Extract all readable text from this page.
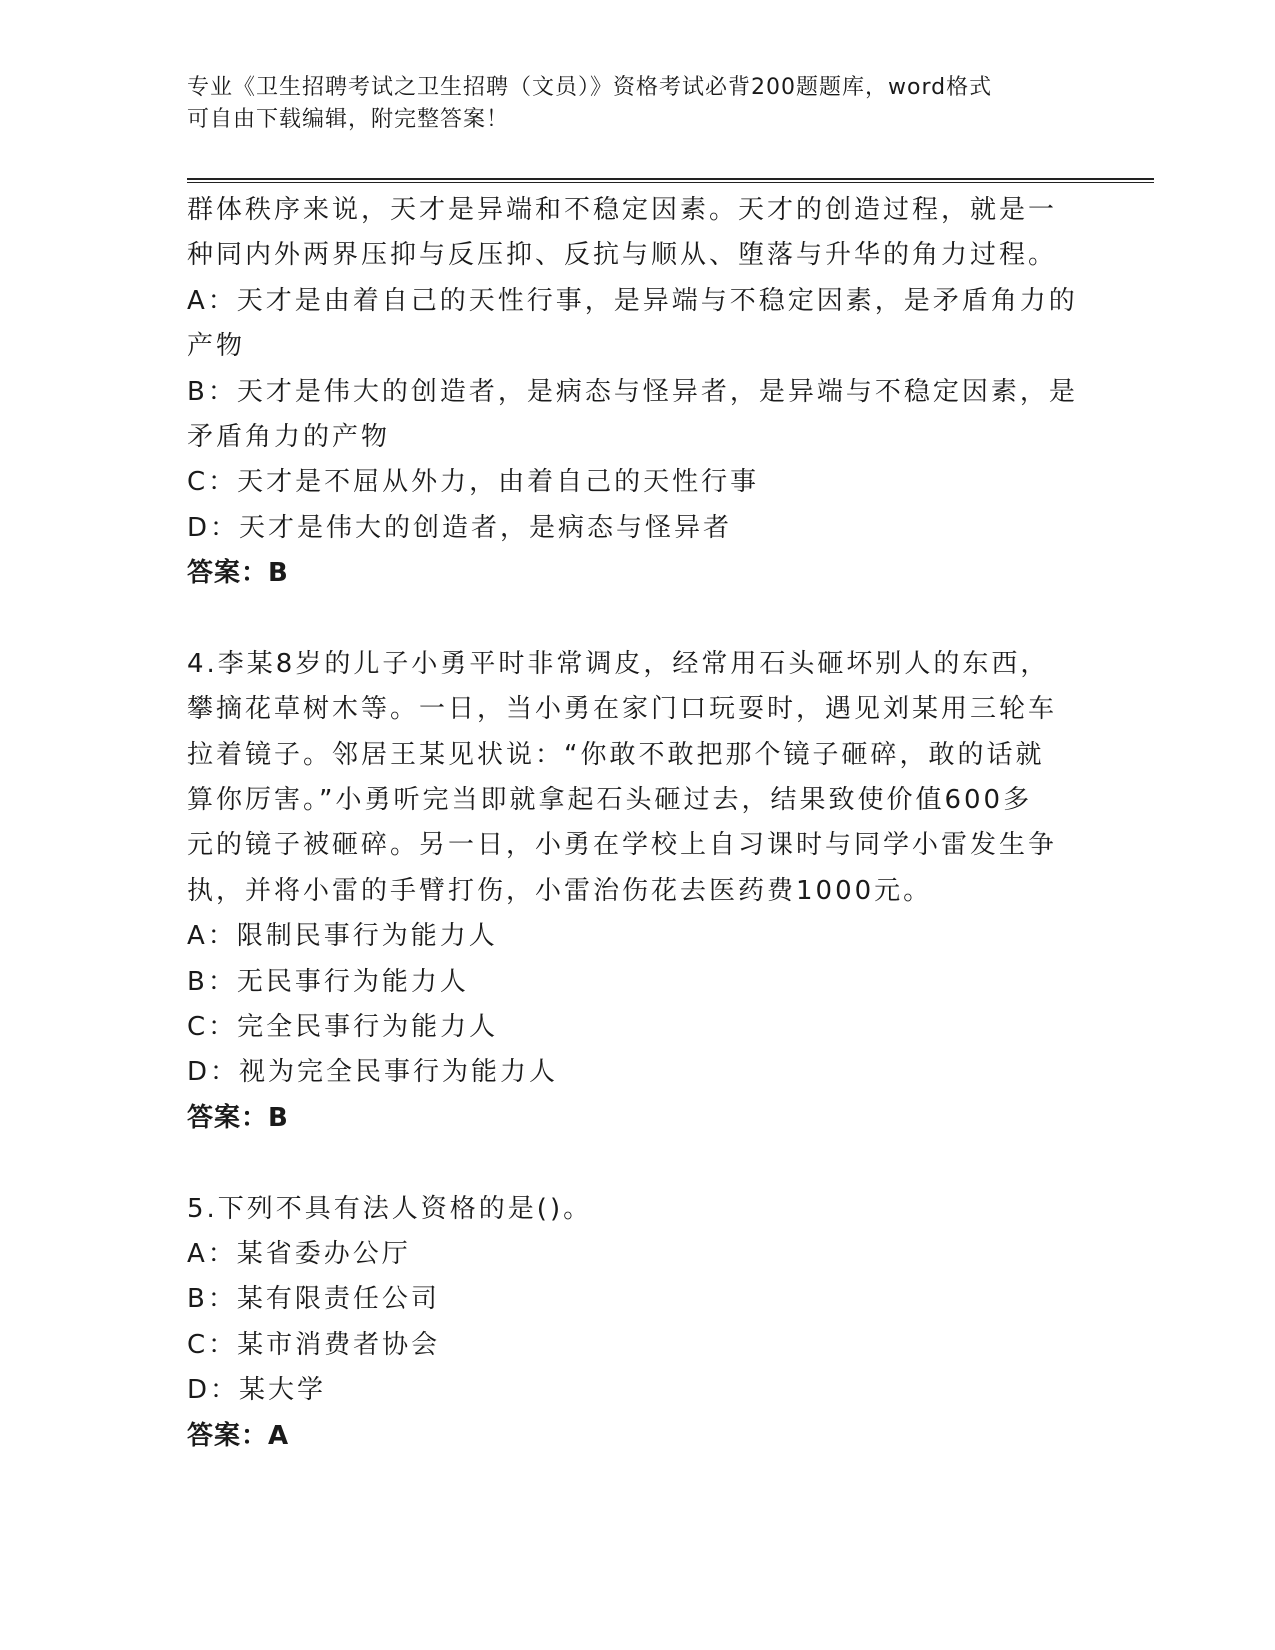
专业《卫生招聘考试之卫生招聘（文员）》资格考试必背200题题库，word格式
可自由下载编辑，附完整答案！
群体秩序来说，天才是异端和不稳定因素。天才的创造过程，就是一
种同内外两界压抑与反压抑、反抗与顺从、堕落与升华的角力过程。
A：天才是由着自己的天性行事，是异端与不稳定因素，是矛盾角力的
产物
B：天才是伟大的创造者，是病态与怪异者，是异端与不稳定因素，是
矛盾角力的产物
C：天才是不屈从外力，由着自己的天性行事
D：天才是伟大的创造者，是病态与怪异者
答案：B
4.李某8岁的儿子小勇平时非常调皮，经常用石头砸坏别人的东西，
攀摘花草树木等。一日，当小勇在家门口玩耍时，遇见刘某用三轮车
拉着镜子。邻居王某见状说：“你敢不敢把那个镜子砸碎，敢的话就
算你厉害。”小勇听完当即就拿起石头砸过去，结果致使价值600多
元的镜子被砸碎。另一日，小勇在学校上自习课时与同学小雷发生争
执，并将小雷的手臂打伤，小雷治伤花去医药费1000元。
A：限制民事行为能力人
B：无民事行为能力人
C：完全民事行为能力人
D：视为完全民事行为能力人
答案：B
5.下列不具有法人资格的是()。
A：某省委办公厅
B：某有限责任公司
C：某市消费者协会
D：某大学
答案：A
